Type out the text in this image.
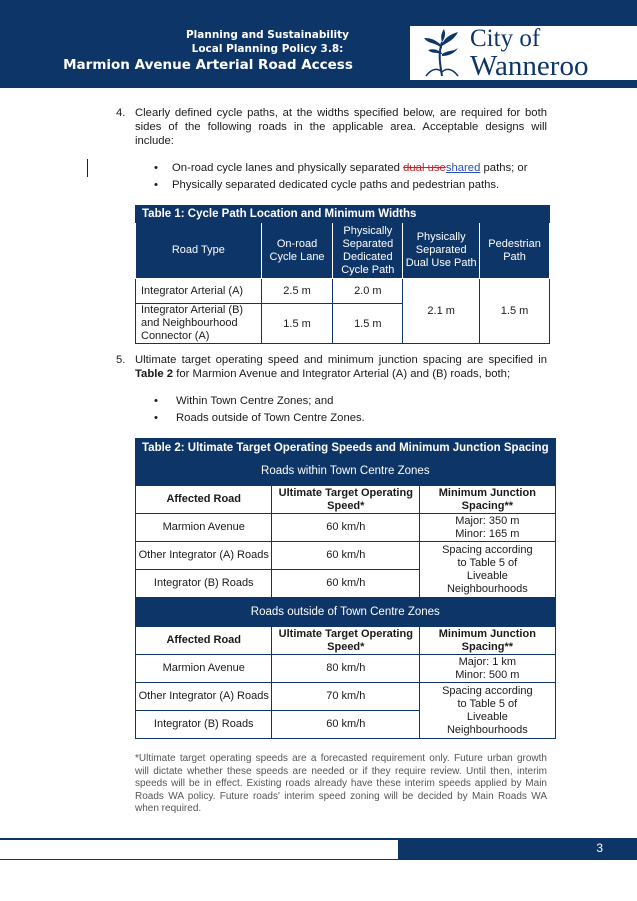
Planning and Sustainability
Local Planning Policy 3.8:
Marmion Avenue Arterial Road Access
City of
Wanneroo
4. Clearly defined cycle paths, at the widths specified below, are required for both
sides of the following roads in the applicable area. Acceptable designs will
include:
• On-road cycle lanes and physically separated dual useshared paths; or
• Physically separated dedicated cycle paths and pedestrian paths.
Table 1: Cycle Path Location and Minimum Widths				
Road Type	On-road Cycle Lane	Physically Separated Dedicated Cycle Path	Physically Separated Dual Use Path	Pedestrian Path
Integrator Arterial (A)	2.5 m	2.0 m	2.1 m	1.5 m
Integrator Arterial (B) and Neighbourhood Connector (A)	1.5 m	1.5 m		
5. Ultimate target operating speed and minimum junction spacing are specified in
Table 2 for Marmion Avenue and Integrator Arterial (A) and (B) roads, both;
• Within Town Centre Zones; and
• Roads outside of Town Centre Zones.
Table 2: Ultimate Target Operating Speeds and Minimum Junction Spacing		
Roads within Town Centre Zones		
Affected Road	Ultimate Target Operating Speed*	Minimum Junction Spacing**
Marmion Avenue	60 km/h	Major: 350 m
Minor: 165 m

Other Integrator (A) Roads	60 km/h	Spacing according to Table 5 of Liveable Neighbourhoods
Integrator (B) Roads	60 km/h	
Roads outside of Town Centre Zones		
Affected Road	Ultimate Target Operating Speed*	Minimum Junction Spacing**
Marmion Avenue	80 km/h	Major: 1 km
Minor: 500 m

Other Integrator (A) Roads	70 km/h	Spacing according to Table 5 of Liveable Neighbourhoods
Integrator (B) Roads	60 km/h	
*Ultimate target operating speeds are a forecasted requirement only. Future urban growth will dictate whether these speeds are needed or if they require review. Until then, interim speeds will be in effect. Existing roads already have these interim speeds applied by Main Roads WA policy. Future roads' interim speed zoning will be decided by Main Roads WA when required.
3
